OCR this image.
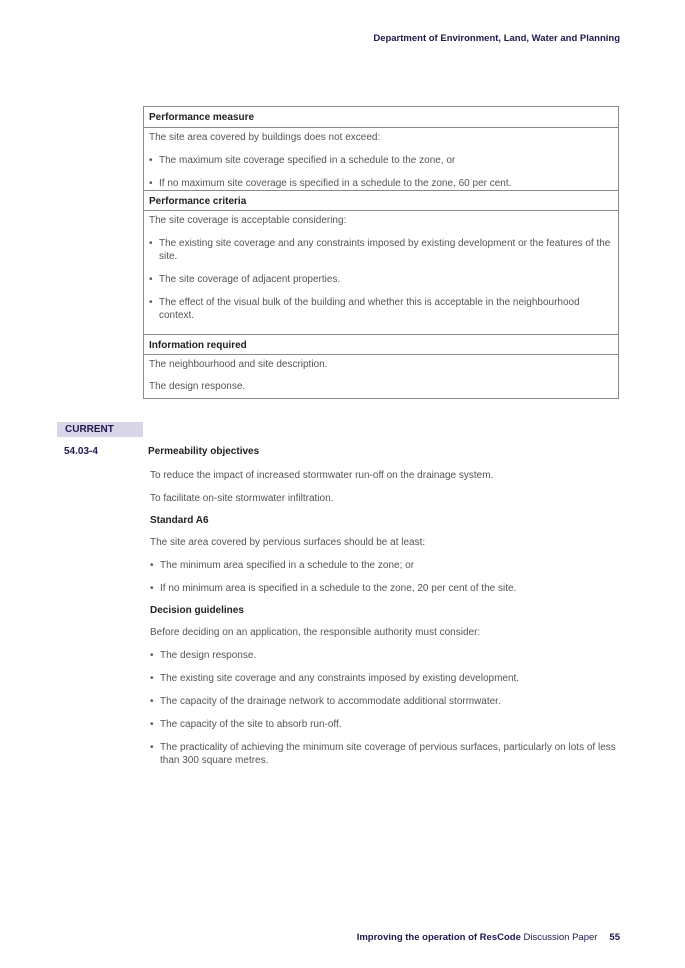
Department of Environment, Land, Water and Planning
Performance measure
The site area covered by buildings does not exceed:
• The maximum site coverage specified in a schedule to the zone, or
• If no maximum site coverage is specified in a schedule to the zone, 60 per cent.
Performance criteria
The site coverage is acceptable considering:
• The existing site coverage and any constraints imposed by existing development or the features of the site.
• The site coverage of adjacent properties.
• The effect of the visual bulk of the building and whether this is acceptable in the neighbourhood context.
Information required
The neighbourhood and site description.
The design response.
CURRENT
54.03-4	Permeability objectives
To reduce the impact of increased stormwater run-off on the drainage system.
To facilitate on-site stormwater infiltration.
Standard A6
The site area covered by pervious surfaces should be at least:
• The minimum area specified in a schedule to the zone; or
• If no minimum area is specified in a schedule to the zone, 20 per cent of the site.
Decision guidelines
Before deciding on an application, the responsible authority must consider:
• The design response.
• The existing site coverage and any constraints imposed by existing development.
• The capacity of the drainage network to accommodate additional stormwater.
• The capacity of the site to absorb run-off.
• The practicality of achieving the minimum site coverage of pervious surfaces, particularly on lots of less than 300 square metres.
Improving the operation of ResCode Discussion Paper 55
